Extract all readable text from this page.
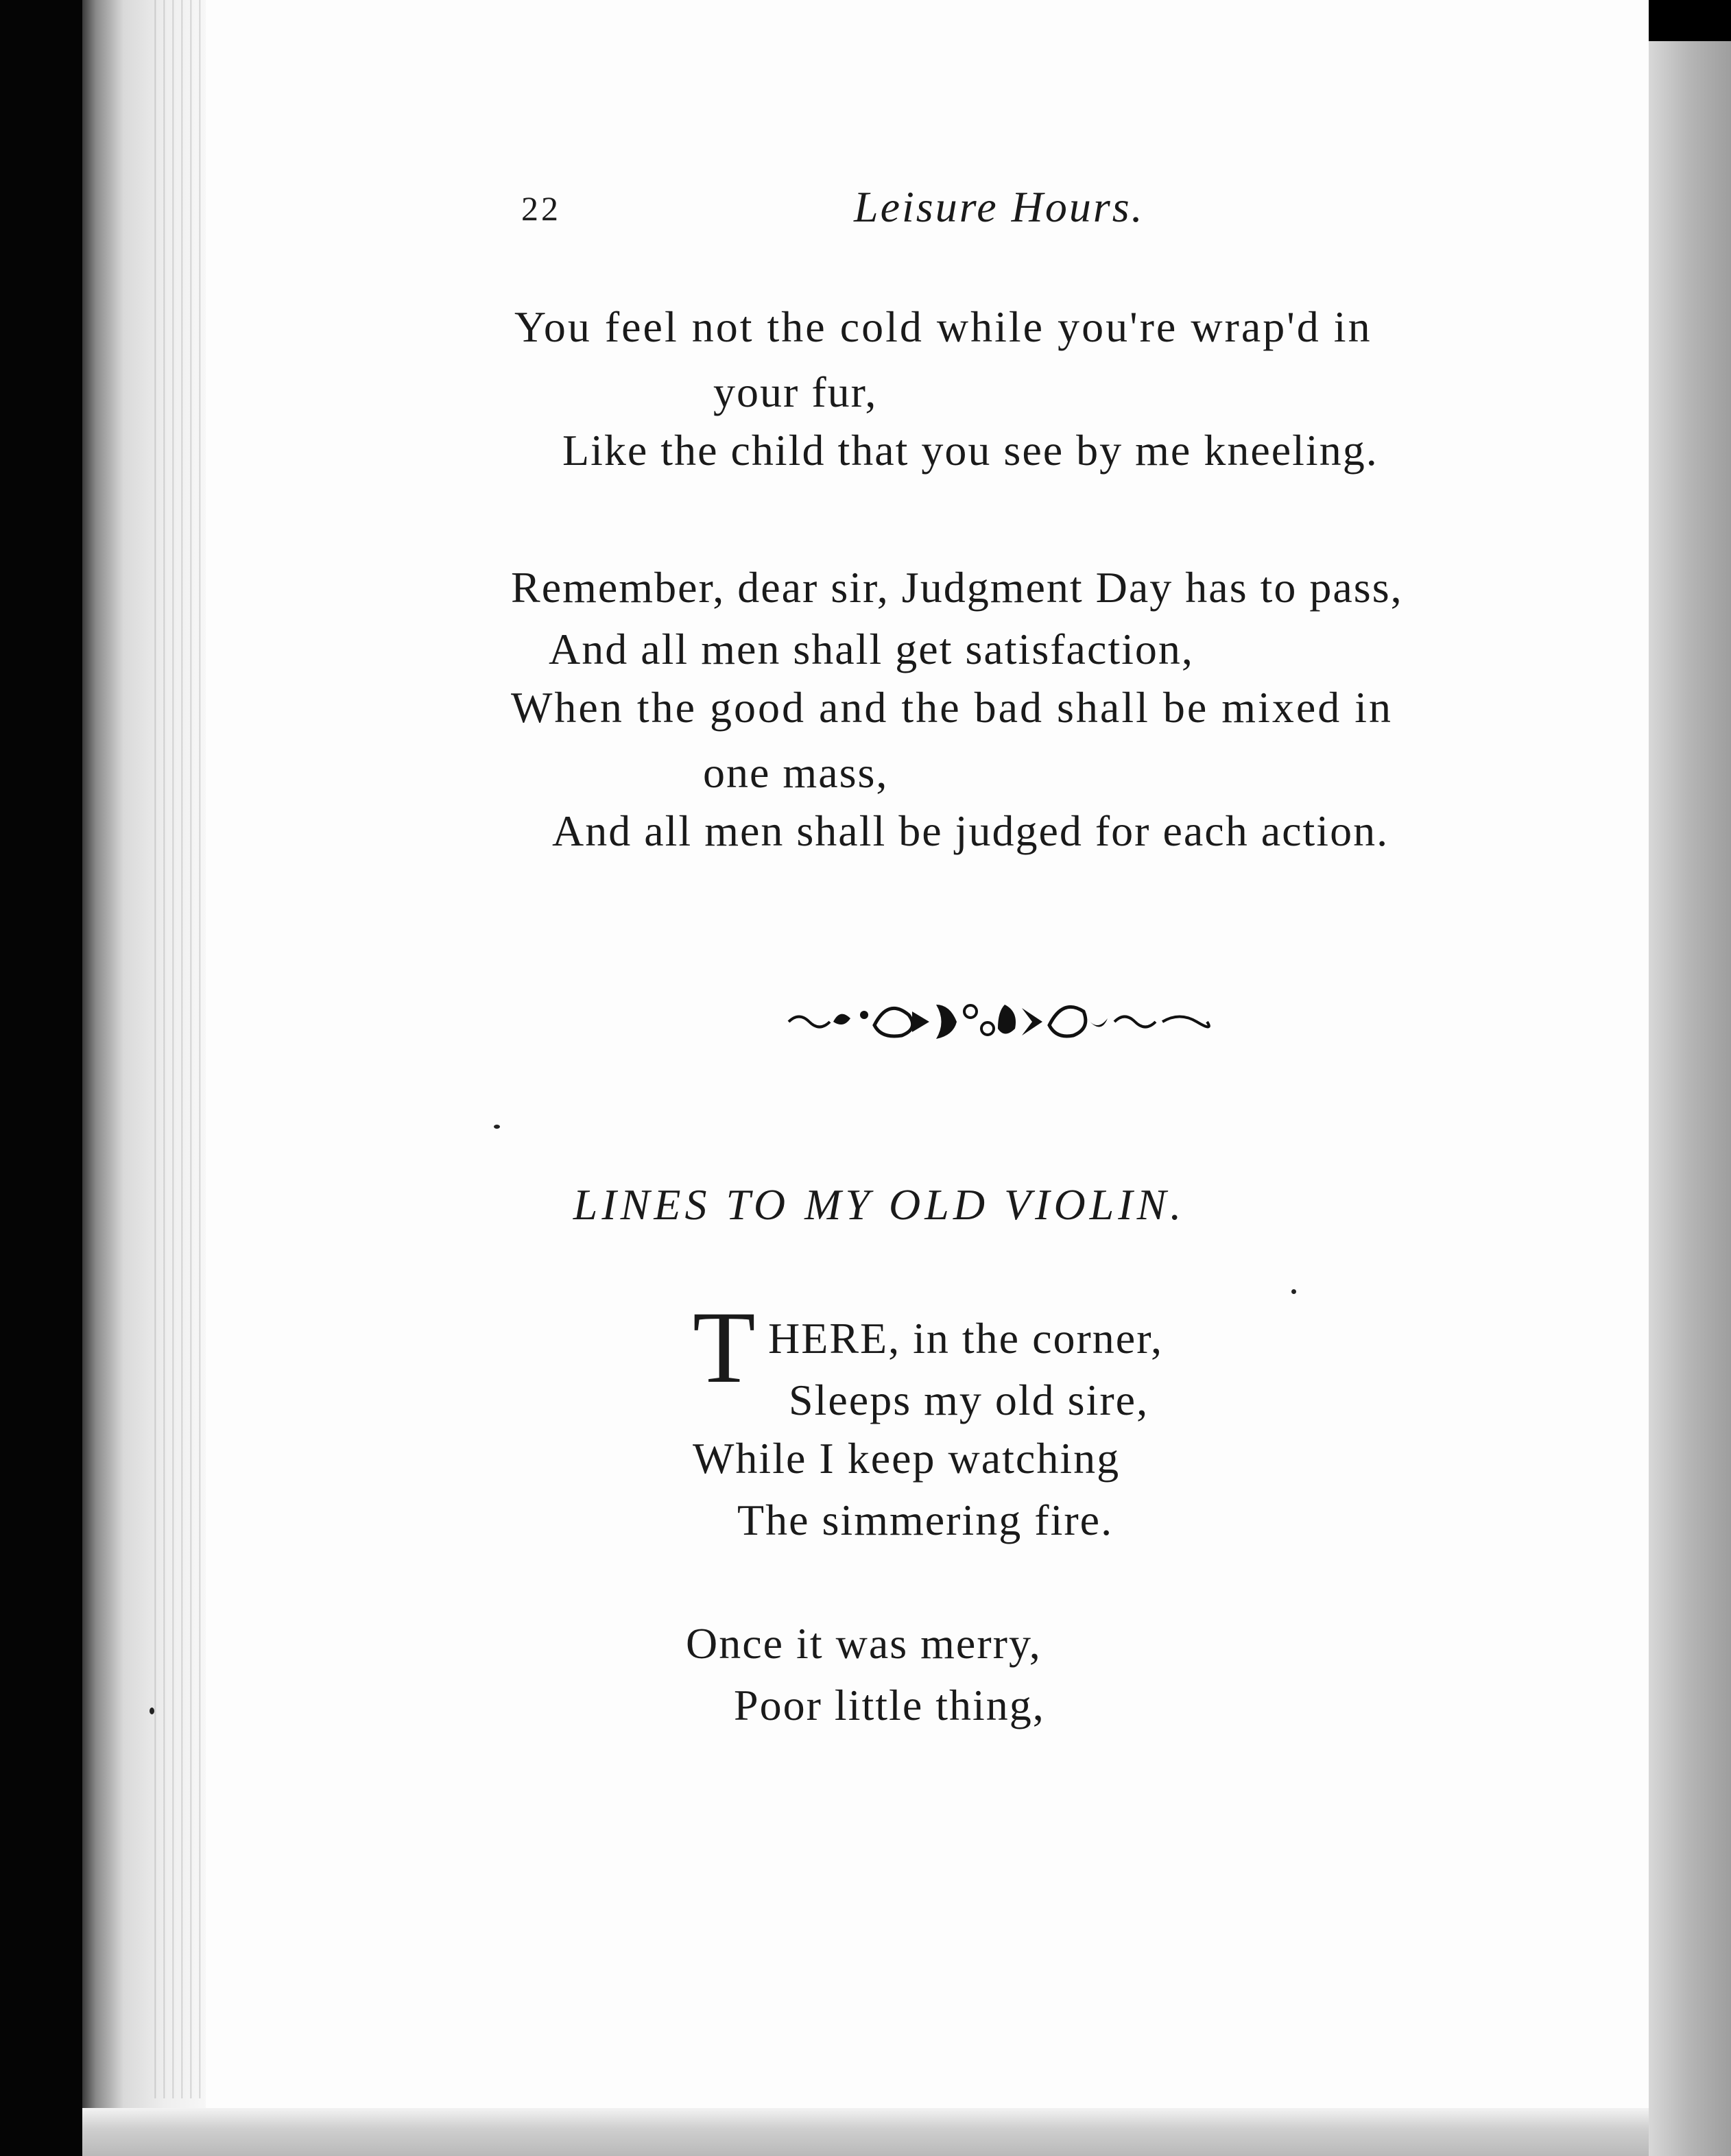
22	Leisure Hours.
You feel not the cold while you're wrap'd in
your fur,
Like the child that you see by me kneeling.
Remember, dear sir, Judgment Day has to pass,
And all men shall get satisfaction,
When the good and the bad shall be mixed in
one mass,
And all men shall be judged for each action.
LINES TO MY OLD VIOLIN.
T HERE, in the corner,
Sleeps my old sire,
While I keep watching
The simmering fire.
Once it was merry,
Poor little thing,
